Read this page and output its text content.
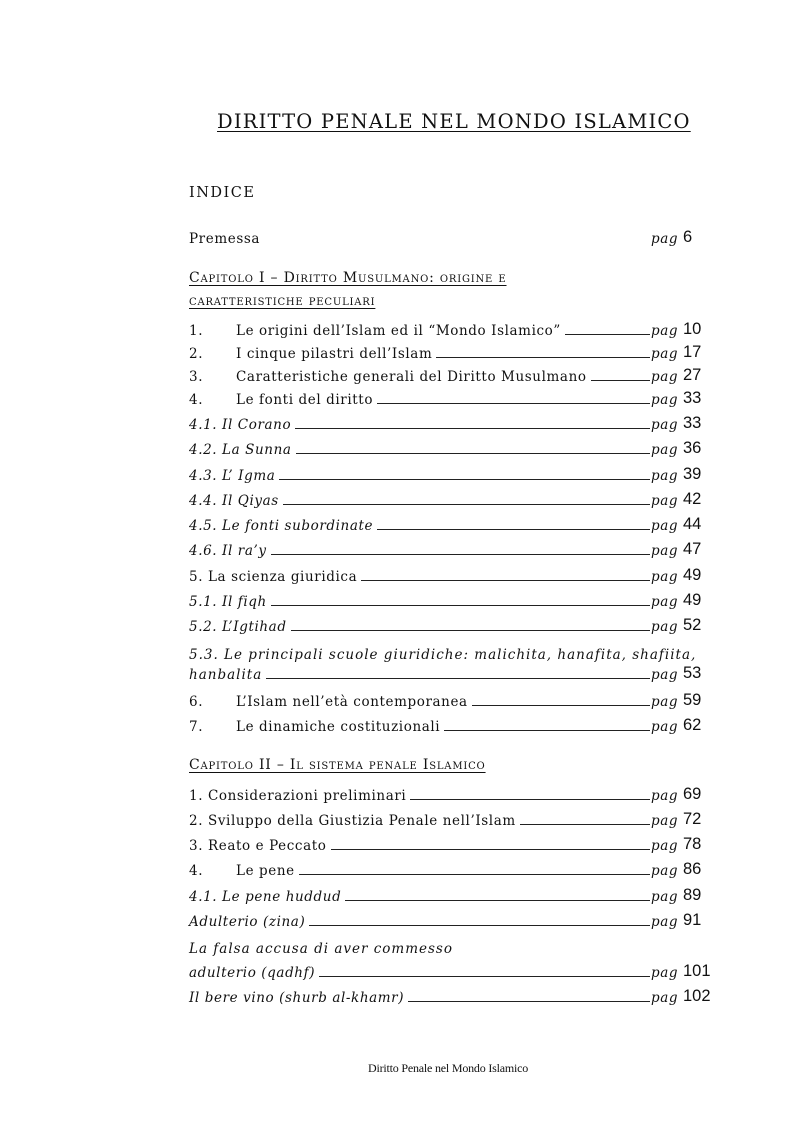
DIRITTO PENALE NEL MONDO ISLAMICO
INDICE
Premessa	pag 6
Capitolo I – Diritto Musulmano: origine e
caratteristiche peculiari
1.	Le origini dell’Islam ed il “Mondo Islamico”	pag 10
2.	I cinque pilastri dell’Islam	pag 17
3.	Caratteristiche generali del Diritto Musulmano	pag 27
4.	Le fonti del diritto	pag 33
4.1. Il Corano	pag 33
4.2. La Sunna	pag 36
4.3. L’ Igma	pag 39
4.4. Il Qiyas	pag 42
4.5. Le fonti subordinate	pag 44
4.6. Il ra’y	pag 47
5. La scienza giuridica	pag 49
5.1. Il fiqh	pag 49
5.2. L’Igtihad	pag 52
5.3. Le principali scuole giuridiche: malichita, hanafita, shafiita,
hanbalita	pag 53
6.	L’Islam nell’età contemporanea	pag 59
7.	Le dinamiche costituzionali	pag 62
Capitolo II – Il sistema penale Islamico
1. Considerazioni preliminari	pag 69
2. Sviluppo della Giustizia Penale nell’Islam	pag 72
3. Reato e Peccato	pag 78
4.	Le pene	pag 86
4.1. Le pene huddud	pag 89
Adulterio (zina)	pag 91
La falsa accusa di aver commesso
adulterio (qadhf)	pag 101
Il bere vino (shurb al-khamr)	pag 102
Diritto Penale nel Mondo Islamico
